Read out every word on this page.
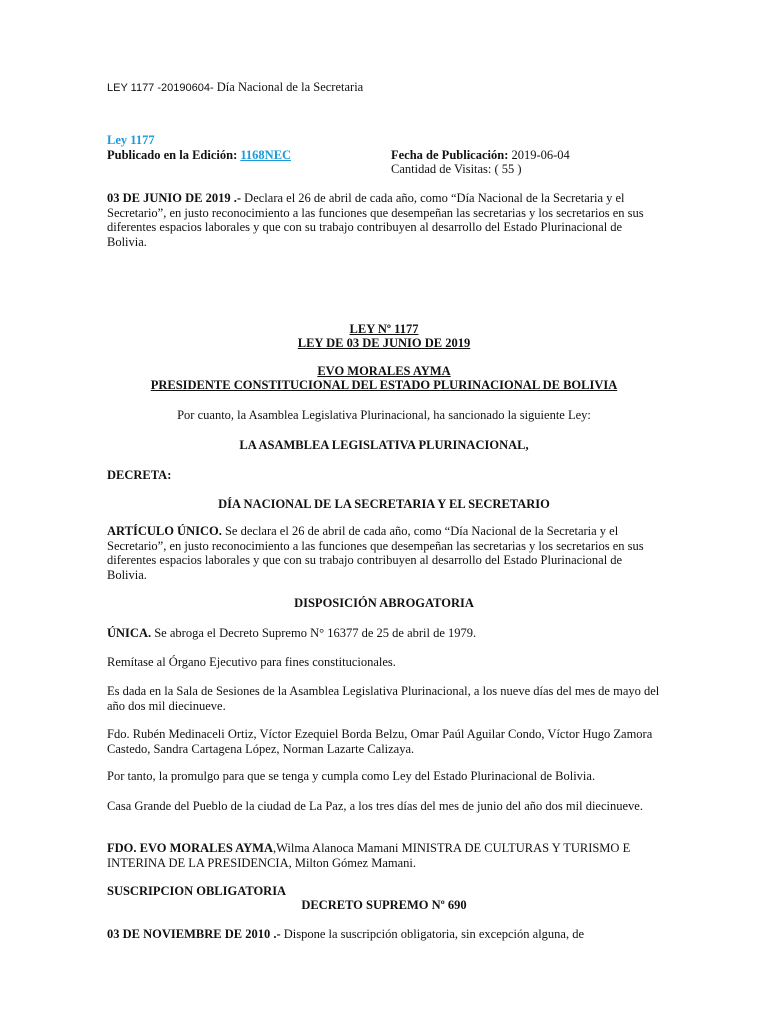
LEY 1177 -20190604- Día Nacional de la Secretaria
Ley 1177
Publicado en la Edición: 1168NEC	Fecha de Publicación: 2019-06-04
Cantidad de Visitas: ( 55 )
03 DE JUNIO DE 2019 .- Declara el 26 de abril de cada año, como “Día Nacional de la Secretaria y el Secretario”, en justo reconocimiento a las funciones que desempeñan las secretarias y los secretarios en sus diferentes espacios laborales y que con su trabajo contribuyen al desarrollo del Estado Plurinacional de Bolivia.
LEY Nº 1177
LEY DE 03 DE JUNIO DE 2019
EVO MORALES AYMA
PRESIDENTE CONSTITUCIONAL DEL ESTADO PLURINACIONAL DE BOLIVIA
Por cuanto, la Asamblea Legislativa Plurinacional, ha sancionado la siguiente Ley:
LA ASAMBLEA LEGISLATIVA PLURINACIONAL,
DECRETA:
DÍA NACIONAL DE LA SECRETARIA Y EL SECRETARIO
ARTÍCULO ÚNICO. Se declara el 26 de abril de cada año, como “Día Nacional de la Secretaria y el Secretario”, en justo reconocimiento a las funciones que desempeñan las secretarias y los secretarios en sus diferentes espacios laborales y que con su trabajo contribuyen al desarrollo del Estado Plurinacional de Bolivia.
DISPOSICIÓN ABROGATORIA
ÚNICA. Se abroga el Decreto Supremo N° 16377 de 25 de abril de 1979.
Remítase al Órgano Ejecutivo para fines constitucionales.
Es dada en la Sala de Sesiones de la Asamblea Legislativa Plurinacional, a los nueve días del mes de mayo del año dos mil diecinueve.
Fdo. Rubén Medinaceli Ortiz, Víctor Ezequiel Borda Belzu, Omar Paúl Aguilar Condo, Víctor Hugo Zamora Castedo, Sandra Cartagena López, Norman Lazarte Calizaya.
Por tanto, la promulgo para que se tenga y cumpla como Ley del Estado Plurinacional de Bolivia.
Casa Grande del Pueblo de la ciudad de La Paz, a los tres días del mes de junio del año dos mil diecinueve.
FDO. EVO MORALES AYMA,Wilma Alanoca Mamani MINISTRA DE CULTURAS Y TURISMO E INTERINA DE LA PRESIDENCIA, Milton Gómez Mamani.
SUSCRIPCION OBLIGATORIA
DECRETO SUPREMO Nº 690
03 DE NOVIEMBRE DE 2010 .- Dispone la suscripción obligatoria, sin excepción alguna, de
